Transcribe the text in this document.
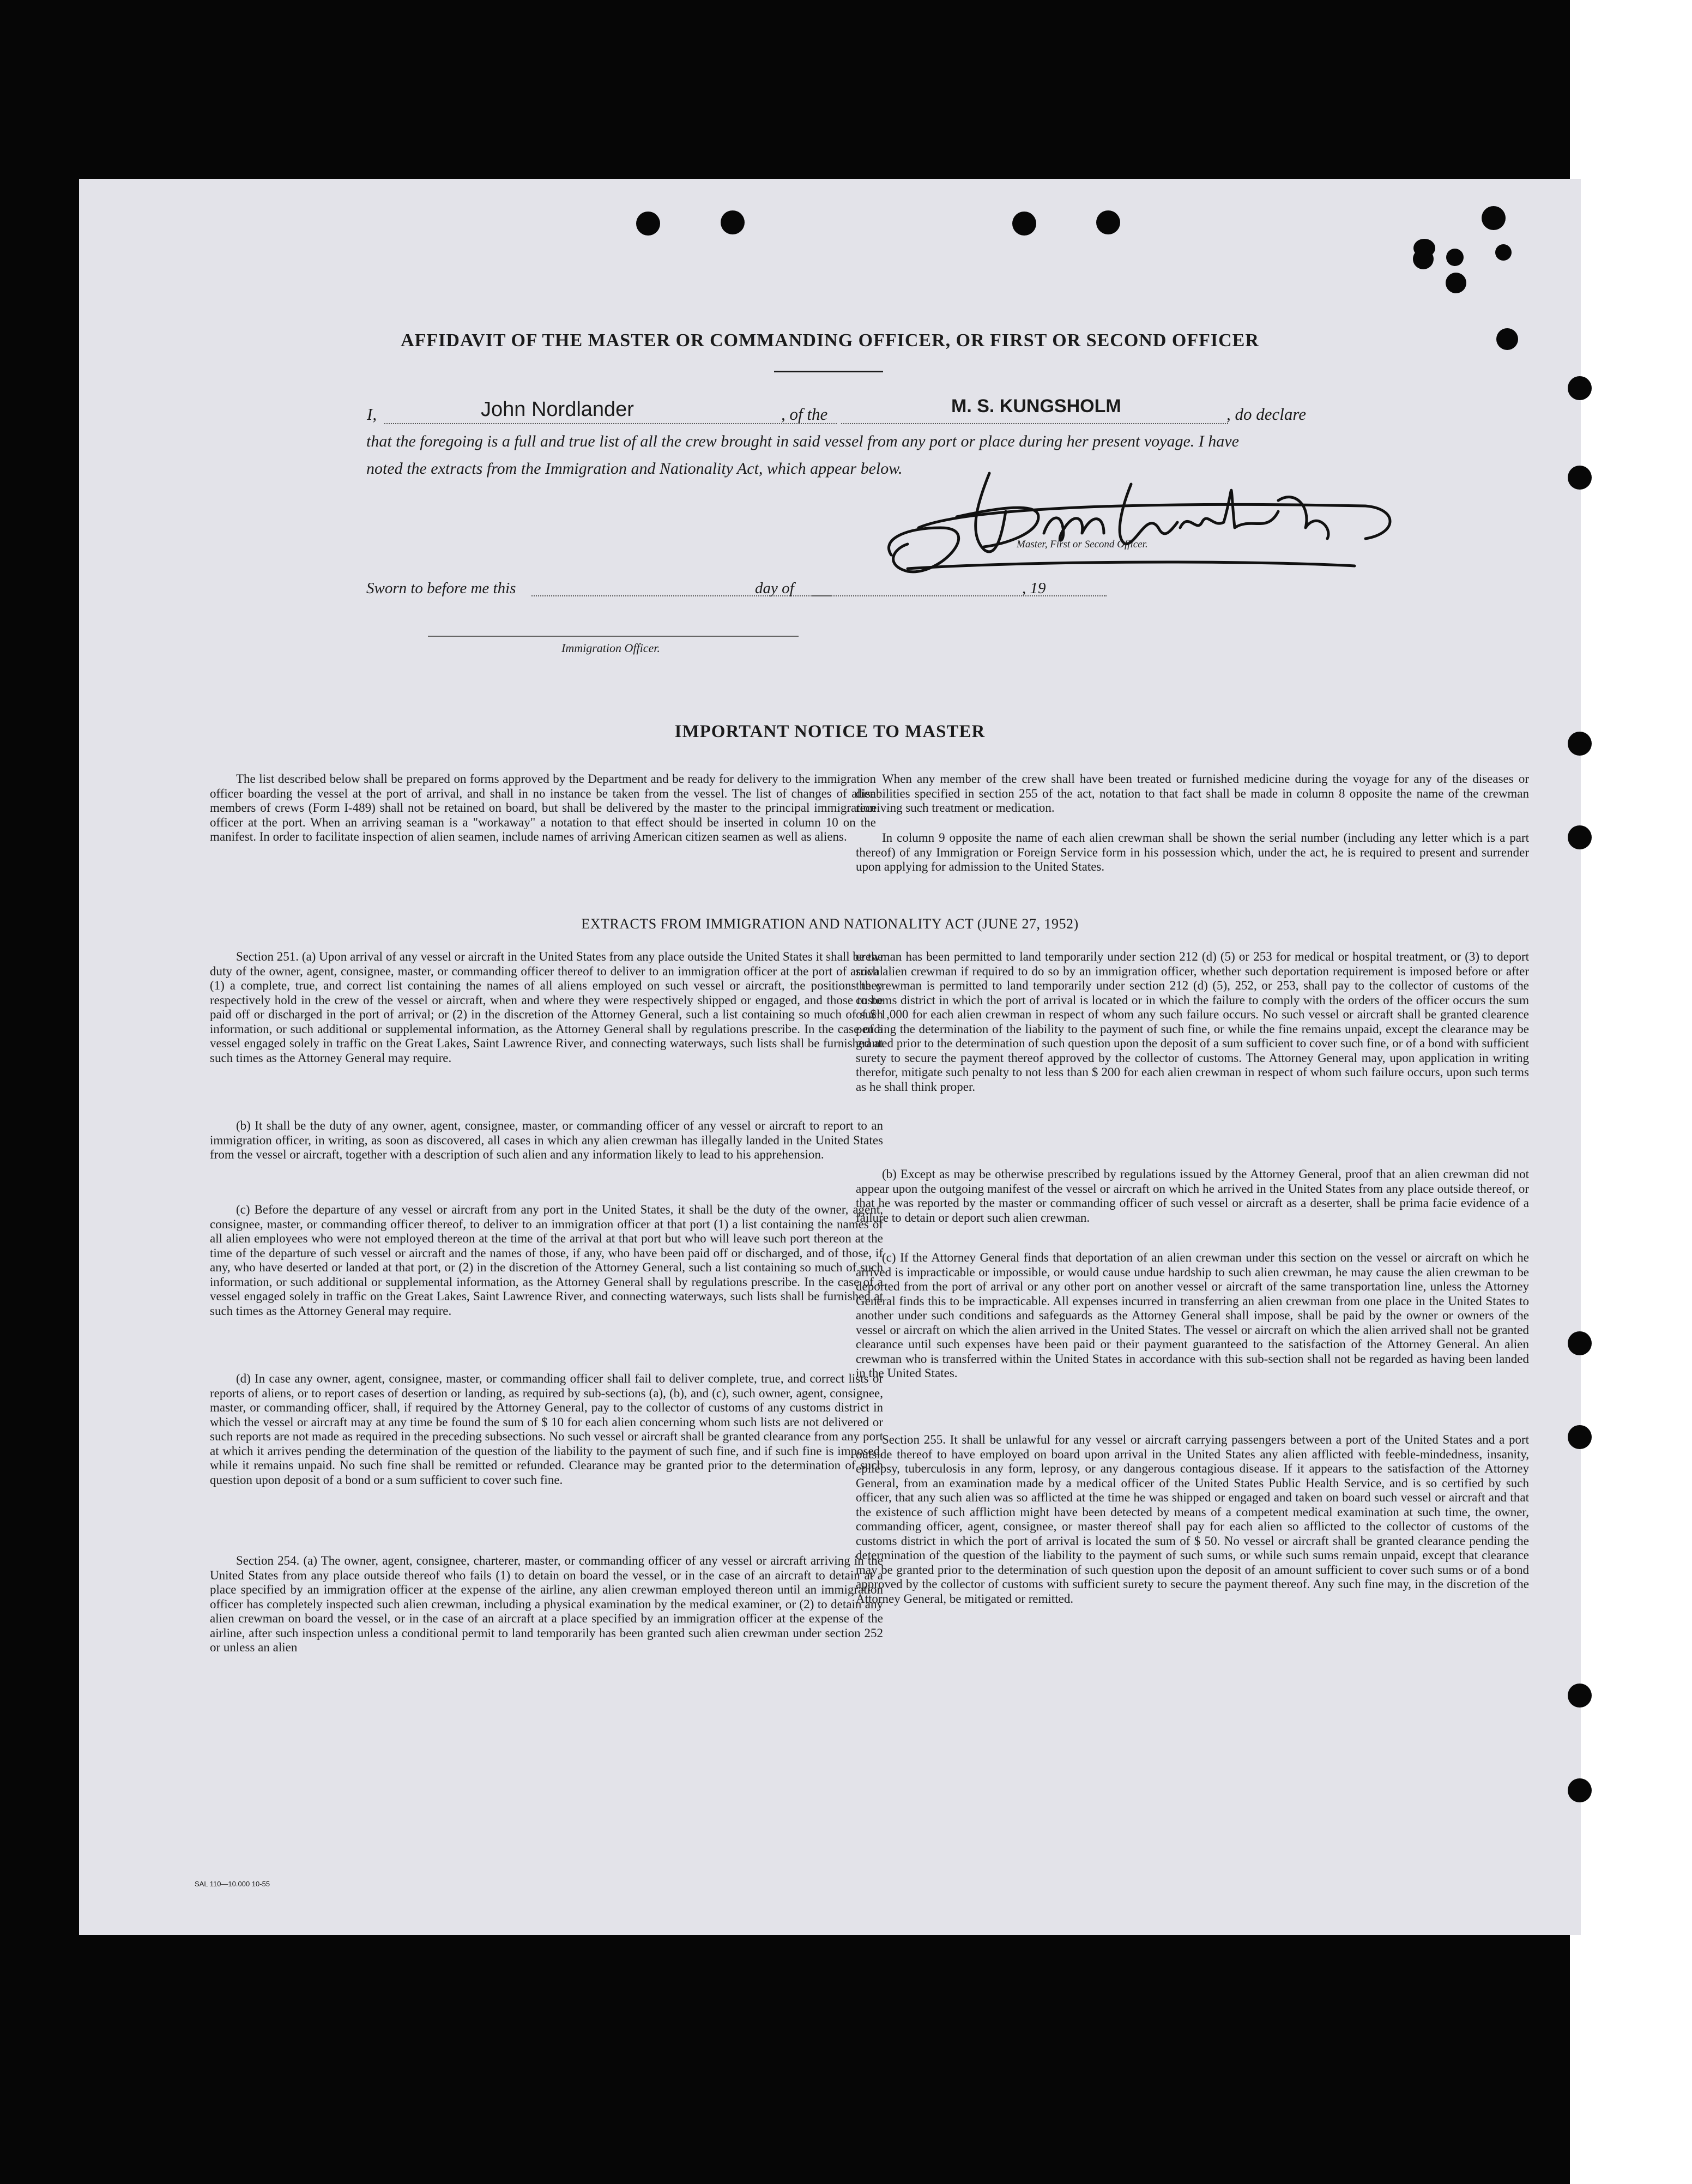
AFFIDAVIT OF THE MASTER OR COMMANDING OFFICER, OR FIRST OR SECOND OFFICER
I,	John Nordlander	, of the	M. S. KUNGSHOLM	, do declare
that the foregoing is a full and true list of all the crew brought in said vessel from any port or place during her present voyage. I have
noted the extracts from the Immigration and Nationality Act, which appear below.
Master, First or Second Officer.
Sworn to before me this	day of	, 19
Immigration Officer.
IMPORTANT NOTICE TO MASTER

The list described below shall be prepared on forms approved by the Department and be ready for delivery to the immigration officer boarding the vessel at the port of arrival, and shall in no instance be taken from the vessel. The list of changes of alien members of crews (Form I-489) shall not be retained on board, but shall be delivered by the master to the principal immigration officer at the port. When an arriving seaman is a "workaway" a notation to that effect should be inserted in column 10 on the manifest. In order to facilitate inspection of alien seamen, include names of arriving American citizen seamen as well as aliens.

When any member of the crew shall have been treated or furnished medicine during the voyage for any of the diseases or disabilities specified in section 255 of the act, notation to that fact shall be made in column 8 opposite the name of the crewman receiving such treatment or medication.

In column 9 opposite the name of each alien crewman shall be shown the serial number (including any letter which is a part thereof) of any Immigration or Foreign Service form in his possession which, under the act, he is required to present and surrender upon applying for admission to the United States.

EXTRACTS FROM IMMIGRATION AND NATIONALITY ACT (JUNE 27, 1952)

Section 251. (a) Upon arrival of any vessel or aircraft in the United States from any place outside the United States it shall be the duty of the owner, agent, consignee, master, or commanding officer thereof to deliver to an immigration officer at the port of arrival (1) a complete, true, and correct list containing the names of all aliens employed on such vessel or aircraft, the positions they respectively hold in the crew of the vessel or aircraft, when and where they were respectively shipped or engaged, and those to be paid off or discharged in the port of arrival; or (2) in the discretion of the Attorney General, such a list containing so much of such information, or such additional or supplemental information, as the Attorney General shall by regulations prescribe. In the case of a vessel engaged solely in traffic on the Great Lakes, Saint Lawrence River, and connecting waterways, such lists shall be furnished at such times as the Attorney General may require.

(b) It shall be the duty of any owner, agent, consignee, master, or commanding officer of any vessel or aircraft to report to an immigration officer, in writing, as soon as discovered, all cases in which any alien crewman has illegally landed in the United States from the vessel or aircraft, together with a description of such alien and any information likely to lead to his apprehension.

(c) Before the departure of any vessel or aircraft from any port in the United States, it shall be the duty of the owner, agent, consignee, master, or commanding officer thereof, to deliver to an immigration officer at that port (1) a list containing the names of all alien employees who were not employed thereon at the time of the arrival at that port but who will leave such port thereon at the time of the departure of such vessel or aircraft and the names of those, if any, who have been paid off or discharged, and of those, if any, who have deserted or landed at that port, or (2) in the discretion of the Attorney General, such a list containing so much of such information, or such additional or supplemental information, as the Attorney General shall by regulations prescribe. In the case of a vessel engaged solely in traffic on the Great Lakes, Saint Lawrence River, and connecting waterways, such lists shall be furnished at such times as the Attorney General may require.

(d) In case any owner, agent, consignee, master, or commanding officer shall fail to deliver complete, true, and correct lists or reports of aliens, or to report cases of desertion or landing, as required by sub-sections (a), (b), and (c), such owner, agent, consignee, master, or commanding officer, shall, if required by the Attorney General, pay to the collector of customs of any customs district in which the vessel or aircraft may at any time be found the sum of $ 10 for each alien concerning whom such lists are not delivered or such reports are not made as required in the preceding subsections. No such vessel or aircraft shall be granted clearance from any port at which it arrives pending the determination of the question of the liability to the payment of such fine, and if such fine is imposed, while it remains unpaid. No such fine shall be remitted or refunded. Clearance may be granted prior to the determination of such question upon deposit of a bond or a sum sufficient to cover such fine.

Section 254. (a) The owner, agent, consignee, charterer, master, or commanding officer of any vessel or aircraft arriving in the United States from any place outside thereof who fails (1) to detain on board the vessel, or in the case of an aircraft to detain at a place specified by an immigration officer at the expense of the airline, any alien crewman employed thereon until an immigration officer has completely inspected such alien crewman, including a physical examination by the medical examiner, or (2) to detain any alien crewman on board the vessel, or in the case of an aircraft at a place specified by an immigration officer at the expense of the airline, after such inspection unless a conditional permit to land temporarily has been granted such alien crewman under section 252 or unless an alien

crewman has been permitted to land temporarily under section 212 (d) (5) or 253 for medical or hospital treatment, or (3) to deport such alien crewman if required to do so by an immigration officer, whether such deportation requirement is imposed before or after the crewman is permitted to land temporarily under section 212 (d) (5), 252, or 253, shall pay to the collector of customs of the customs district in which the port of arrival is located or in which the failure to comply with the orders of the officer occurs the sum of $ 1,000 for each alien crewman in respect of whom any such failure occurs. No such vessel or aircraft shall be granted clearence pending the determination of the liability to the payment of such fine, or while the fine remains unpaid, except the clearance may be granted prior to the determination of such question upon the deposit of a sum sufficient to cover such fine, or of a bond with sufficient surety to secure the payment thereof approved by the collector of customs. The Attorney General may, upon application in writing therefor, mitigate such penalty to not less than $ 200 for each alien crewman in respect of whom such failure occurs, upon such terms as he shall think proper.

(b) Except as may be otherwise prescribed by regulations issued by the Attorney General, proof that an alien crewman did not appear upon the outgoing manifest of the vessel or aircraft on which he arrived in the United States from any place outside thereof, or that he was reported by the master or commanding officer of such vessel or aircraft as a deserter, shall be prima facie evidence of a failure to detain or deport such alien crewman.

(c) If the Attorney General finds that deportation of an alien crewman under this section on the vessel or aircraft on which he arrived is impracticable or impossible, or would cause undue hardship to such alien crewman, he may cause the alien crewman to be deported from the port of arrival or any other port on another vessel or aircraft of the same transportation line, unless the Attorney General finds this to be impracticable. All expenses incurred in transferring an alien crewman from one place in the United States to another under such conditions and safeguards as the Attorney General shall impose, shall be paid by the owner or owners of the vessel or aircraft on which the alien arrived in the United States. The vessel or aircraft on which the alien arrived shall not be granted clearance until such expenses have been paid or their payment guaranteed to the satisfaction of the Attorney General. An alien crewman who is transferred within the United States in accordance with this sub-section shall not be regarded as having been landed in the United States.

Section 255. It shall be unlawful for any vessel or aircraft carrying passengers between a port of the United States and a port outside thereof to have employed on board upon arrival in the United States any alien afflicted with feeble-mindedness, insanity, epilepsy, tuberculosis in any form, leprosy, or any dangerous contagious disease. If it appears to the satisfaction of the Attorney General, from an examination made by a medical officer of the United States Public Health Service, and is so certified by such officer, that any such alien was so afflicted at the time he was shipped or engaged and taken on board such vessel or aircraft and that the existence of such affliction might have been detected by means of a competent medical examination at such time, the owner, commanding officer, agent, consignee, or master thereof shall pay for each alien so afflicted to the collector of customs of the customs district in which the port of arrival is located the sum of $ 50. No vessel or aircraft shall be granted clearance pending the determination of the question of the liability to the payment of such sums, or while such sums remain unpaid, except that clearance may be granted prior to the determination of such question upon the deposit of an amount sufficient to cover such sums or of a bond approved by the collector of customs with sufficient surety to secure the payment thereof. Any such fine may, in the discretion of the Attorney General, be mitigated or remitted.

SAL 110—10.000 10-55
